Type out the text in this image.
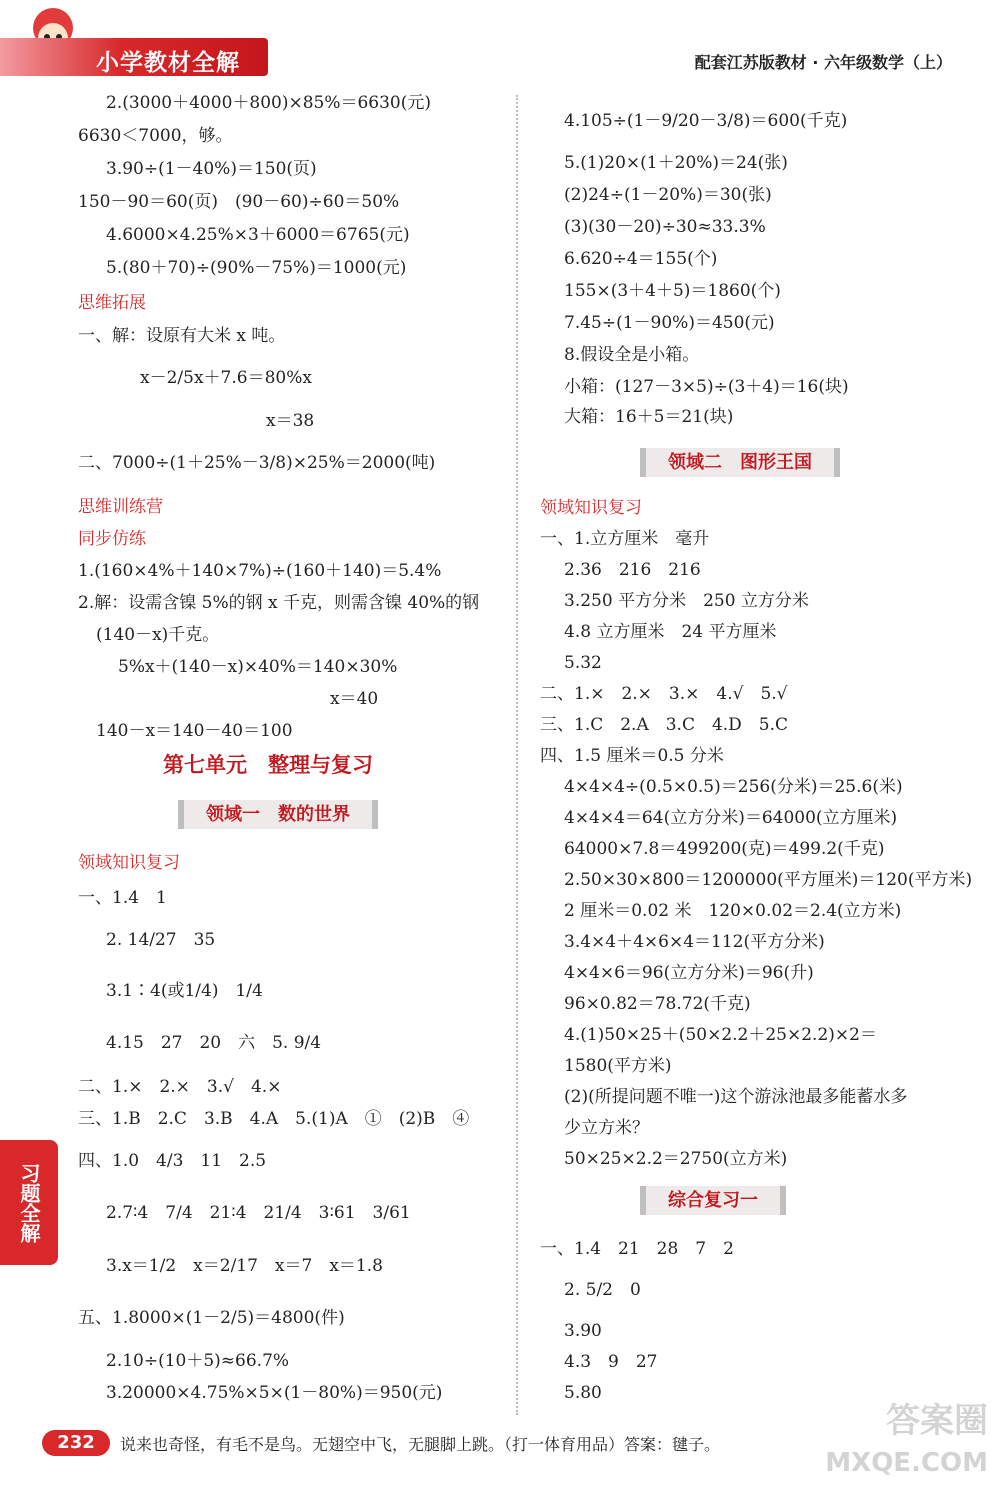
小学教材全解	配套江苏版教材 · 六年级数学（上）
2.(3000＋4000＋800)×85%＝6630(元)
6630＜7000，够。
3.90÷(1－40%)＝150(页)
150－90＝60(页)　(90－60)÷60＝50%
4.6000×4.25%×3＋6000＝6765(元)
5.(80＋70)÷(90%－75%)＝1000(元)
思维拓展
一、解：设原有大米 x 吨。
x－2/5x＋7.6＝80%x
x＝38
二、7000÷(1＋25%－3/8)×25%＝2000(吨)
思维训练营
同步仿练
1.(160×4%＋140×7%)÷(160＋140)＝5.4%
2.解：设需含镍 5%的钢 x 千克，则需含镍 40%的钢
(140－x)千克。
5%x＋(140－x)×40%＝140×30%
x＝40
140－x＝140－40＝100
第七单元　整理与复习
领域一　数的世界
领域知识复习
一、1.4　1
2. 14/27　35
3.1∶4(或1/4)　1/4
4.15　27　20　六　5. 9/4
二、1.×　2.×　3.√　4.×
三、1.B　2.C　3.B　4.A　5.(1)A　①　(2)B　④
四、1.0　4/3　11　2.5
2.7∶4　7/4　21∶4　21/4　3∶61　3/61
3.x＝1/2　x＝2/17　x＝7　x＝1.8
五、1.8000×(1－2/5)＝4800(件)
2.10÷(10＋5)≈66.7%
3.20000×4.75%×5×(1－80%)＝950(元)
4.105÷(1－9/20－3/8)＝600(千克)
5.(1)20×(1＋20%)＝24(张)
(2)24÷(1－20%)＝30(张)
(3)(30－20)÷30≈33.3%
6.620÷4＝155(个)
155×(3＋4＋5)＝1860(个)
7.45÷(1－90%)＝450(元)
8.假设全是小箱。
小箱：(127－3×5)÷(3＋4)＝16(块)
大箱：16＋5＝21(块)
领域二　图形王国
领域知识复习
一、1.立方厘米　毫升
2.36　216　216
3.250 平方分米　250 立方分米
4.8 立方厘米　24 平方厘米
5.32
二、1.×　2.×　3.×　4.√　5.√
三、1.C　2.A　3.C　4.D　5.C
四、1.5 厘米＝0.5 分米
4×4×4÷(0.5×0.5)＝256(分米)＝25.6(米)
4×4×4＝64(立方分米)＝64000(立方厘米)
64000×7.8＝499200(克)＝499.2(千克)
2.50×30×800＝1200000(平方厘米)＝120(平方米)
2 厘米＝0.02 米　120×0.02＝2.4(立方米)
3.4×4＋4×6×4＝112(平方分米)
4×4×6＝96(立方分米)＝96(升)
96×0.82＝78.72(千克)
4.(1)50×25＋(50×2.2＋25×2.2)×2＝
1580(平方米)
(2)(所提问题不唯一)这个游泳池最多能蓄水多
少立方米？
50×25×2.2＝2750(立方米)
综合复习一
一、1.4　21　28　7　2
2. 5/2　0
3.90
4.3　9　27
5.80
习题全解
232	说来也奇怪，有毛不是鸟。无翅空中飞，无腿脚上跳。（打一体育用品）答案：毽子。
答案圈
MXQE.COM
